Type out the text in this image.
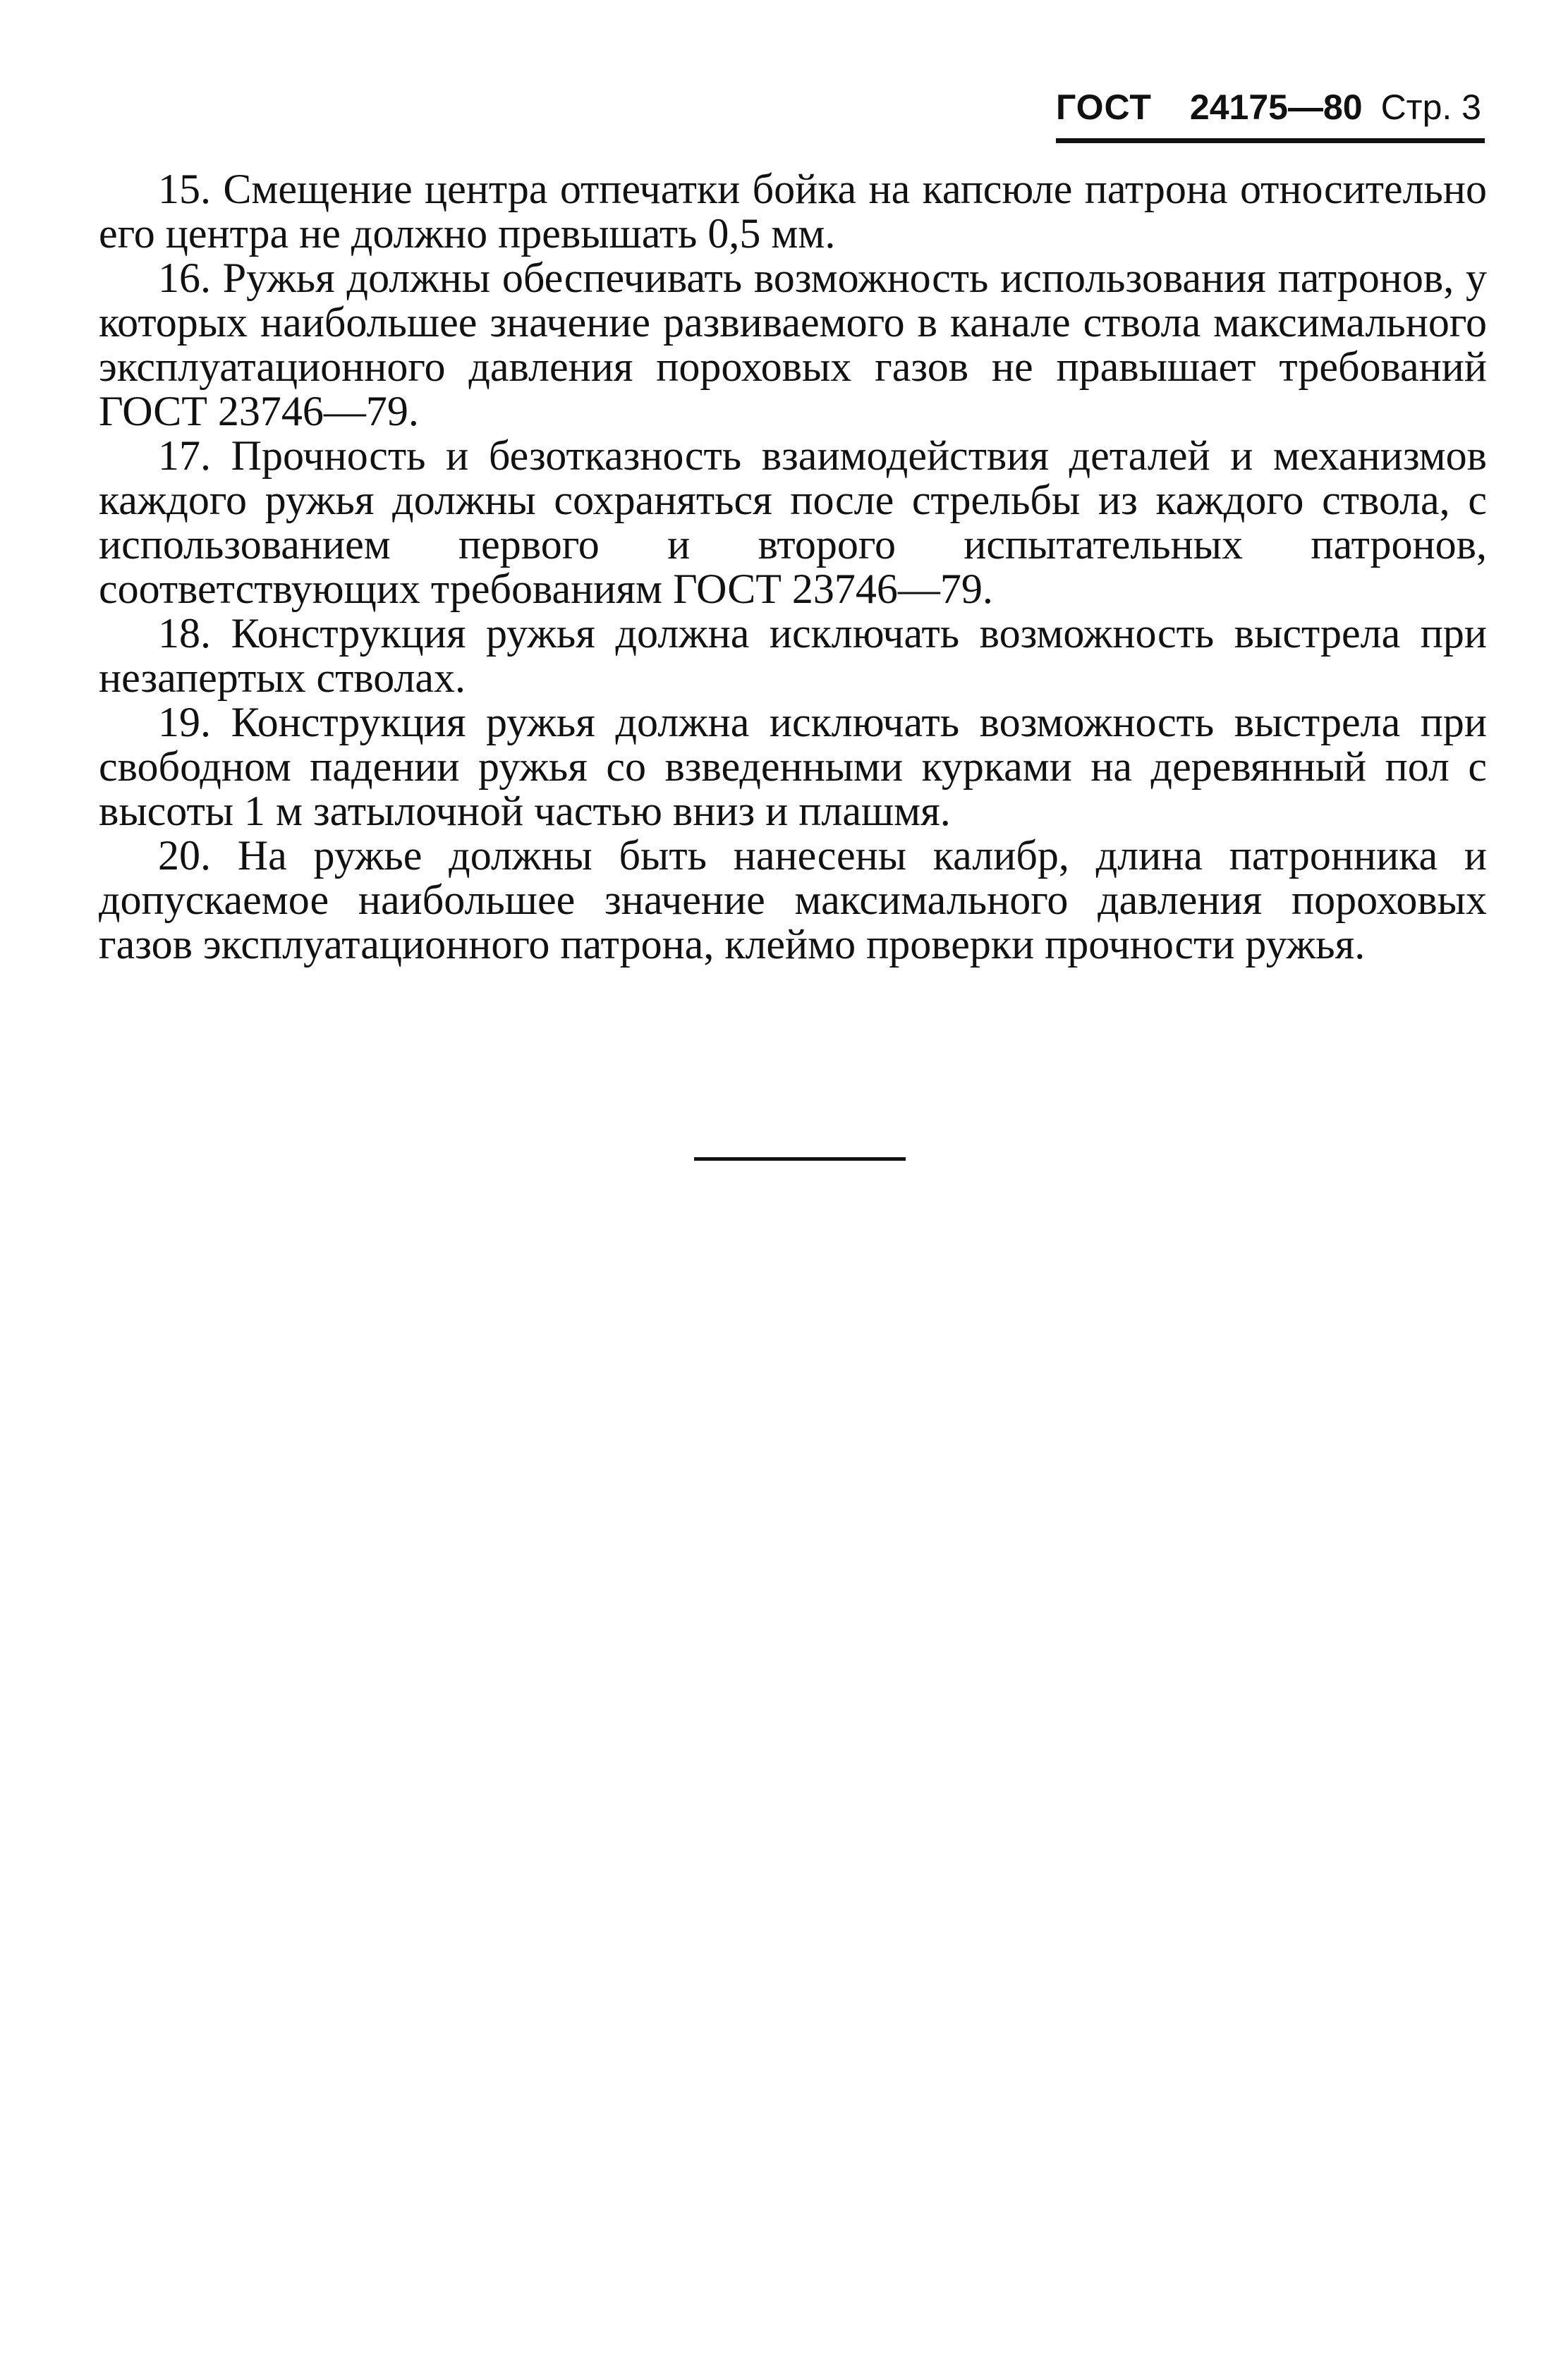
ГОСТ 24175—80 Стр. 3

15. Смещение центра отпечатки бойка на капсюле патрона относительно его центра не должно превышать 0,5 мм.

16. Ружья должны обеспечивать возможность использования патронов, у которых наибольшее значение развиваемого в канале ствола максимального эксплуатационного давления пороховых газов не правышает требований ГОСТ 23746—79.

17. Прочность и безотказность взаимодействия деталей и механизмов каждого ружья должны сохраняться после стрельбы из каждого ствола, с использованием первого и второго испытательных патронов, соответствующих требованиям ГОСТ 23746—79.

18. Конструкция ружья должна исключать возможность выстрела при незапертых стволах.

19. Конструкция ружья должна исключать возможность выстрела при свободном падении ружья со взведенными курками на деревянный пол с высоты 1 м затылочной частью вниз и плашмя.

20. На ружье должны быть нанесены калибр, длина патронника и допускаемое наибольшее значение максимального давления пороховых газов эксплуатационного патрона, клеймо проверки прочности ружья.
